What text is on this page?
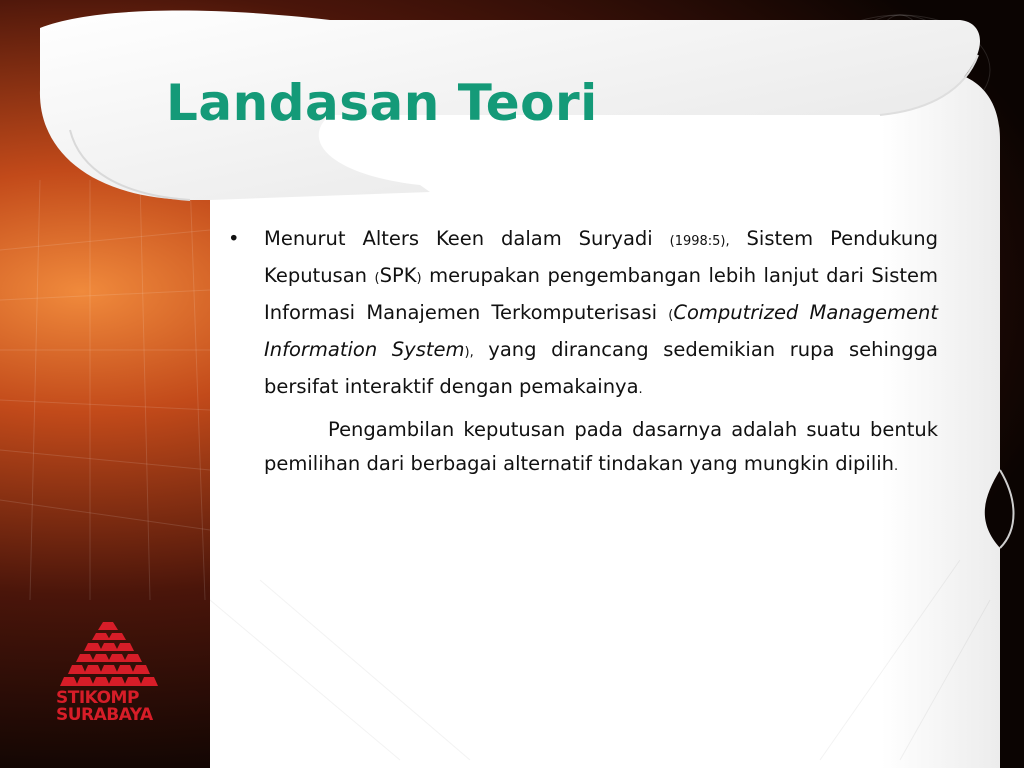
Landasan Teori

• Menurut Alters Keen dalam Suryadi (1998:5), Sistem Pendukung Keputusan (SPK) merupakan pengembangan lebih lanjut dari Sistem Informasi Manajemen Terkomputerisasi (Computrized Management Information System), yang dirancang sedemikian rupa sehingga bersifat interaktif dengan pemakainya.

Pengambilan keputusan pada dasarnya adalah suatu bentuk pemilihan dari berbagai alternatif tindakan yang mungkin dipilih.

STIKOMP
SURABAYA
